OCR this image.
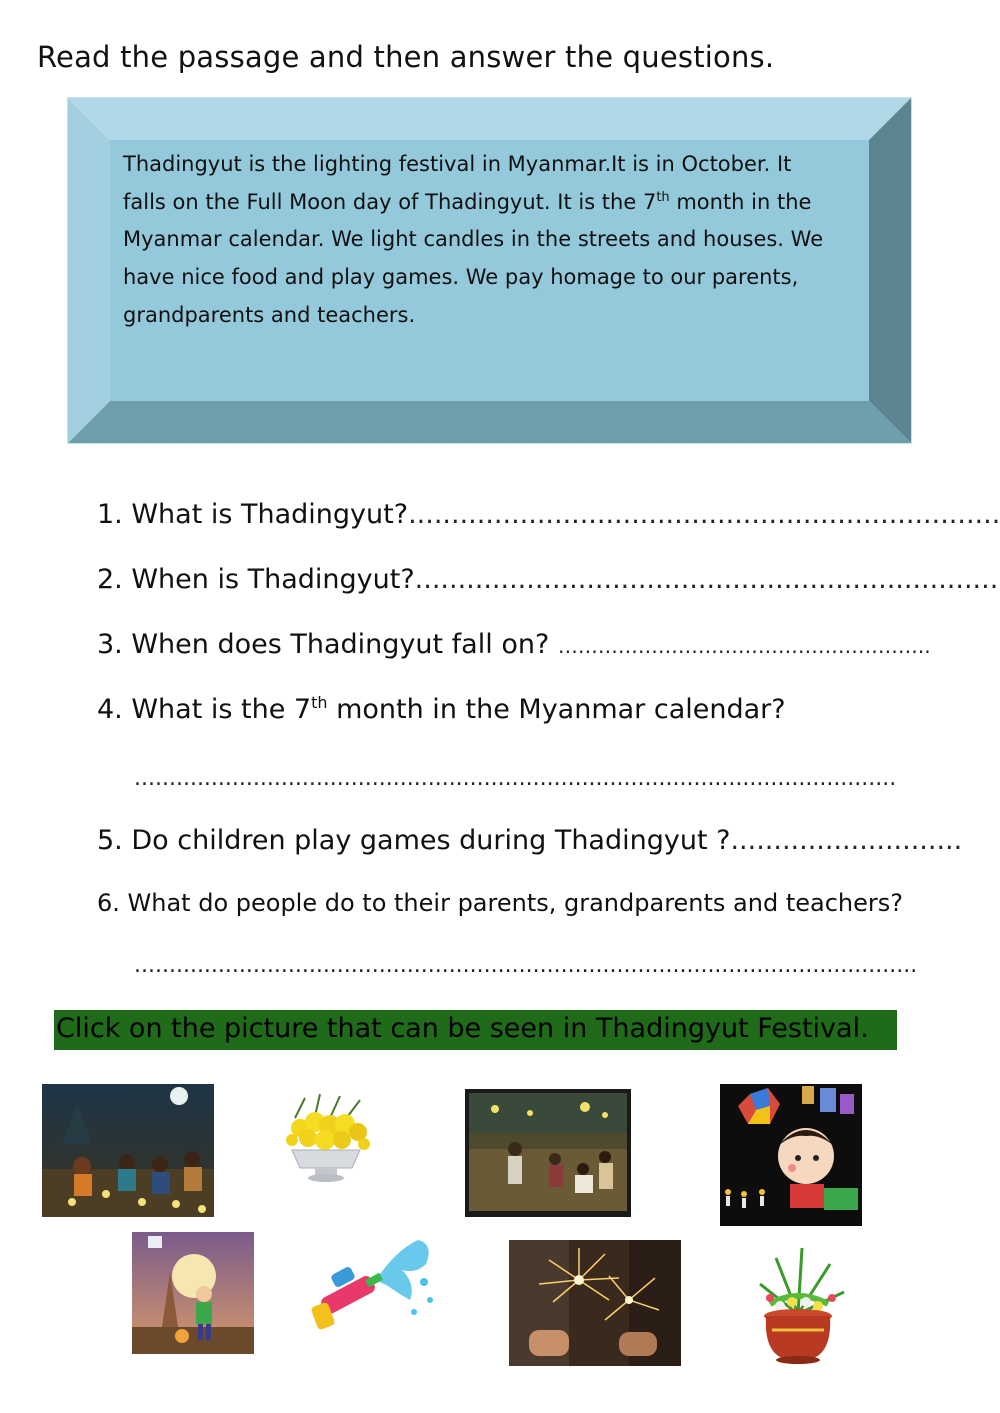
Read the passage and then answer the questions.
Thadingyut is the lighting festival in Myanmar.It is in October. It
falls on the Full Moon day of Thadingyut. It is the 7th month in the
Myanmar calendar. We light candles in the streets and houses. We
have nice food and play games. We pay homage to our parents,
grandparents and teachers.
1. What is Thadingyut?.....................................................................
2. When is Thadingyut?....................................................................
3. When does Thadingyut fall on? ………………………………………………..
4. What is the 7th month in the Myanmar calendar?
.............................................................................................................
5. Do children play games during Thadingyut ?...........................
6. What do people do to their parents, grandparents and teachers?
................................................................................................................
Click on the picture that can be seen in Thadingyut Festival.
